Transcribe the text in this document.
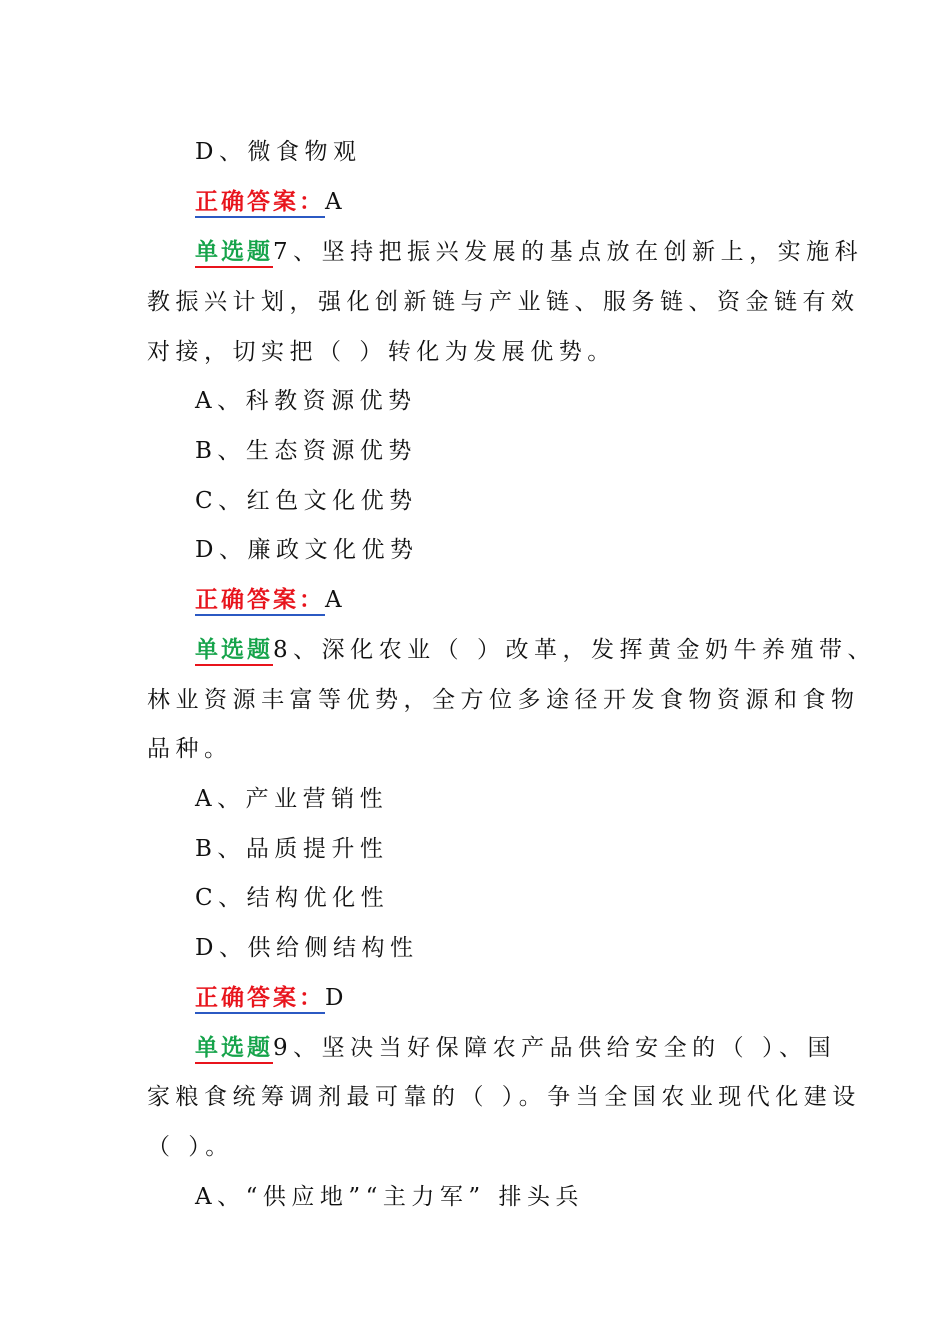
D、微食物观
正确答案：A
单选题7、坚持把振兴发展的基点放在创新上，实施科
教振兴计划，强化创新链与产业链、服务链、资金链有效
对接，切实把（ ）转化为发展优势。
A、科教资源优势
B、生态资源优势
C、红色文化优势
D、廉政文化优势
正确答案：A
单选题8、深化农业（ ）改革，发挥黄金奶牛养殖带、
林业资源丰富等优势，全方位多途径开发食物资源和食物
品种。
A、产业营销性
B、品质提升性
C、结构优化性
D、供给侧结构性
正确答案：D
单选题9、坚决当好保障农产品供给安全的（ ）、国
家粮食统筹调剂最可靠的（ ）。争当全国农业现代化建设
（ ）。
A、“供应地”“主力军” 排头兵
